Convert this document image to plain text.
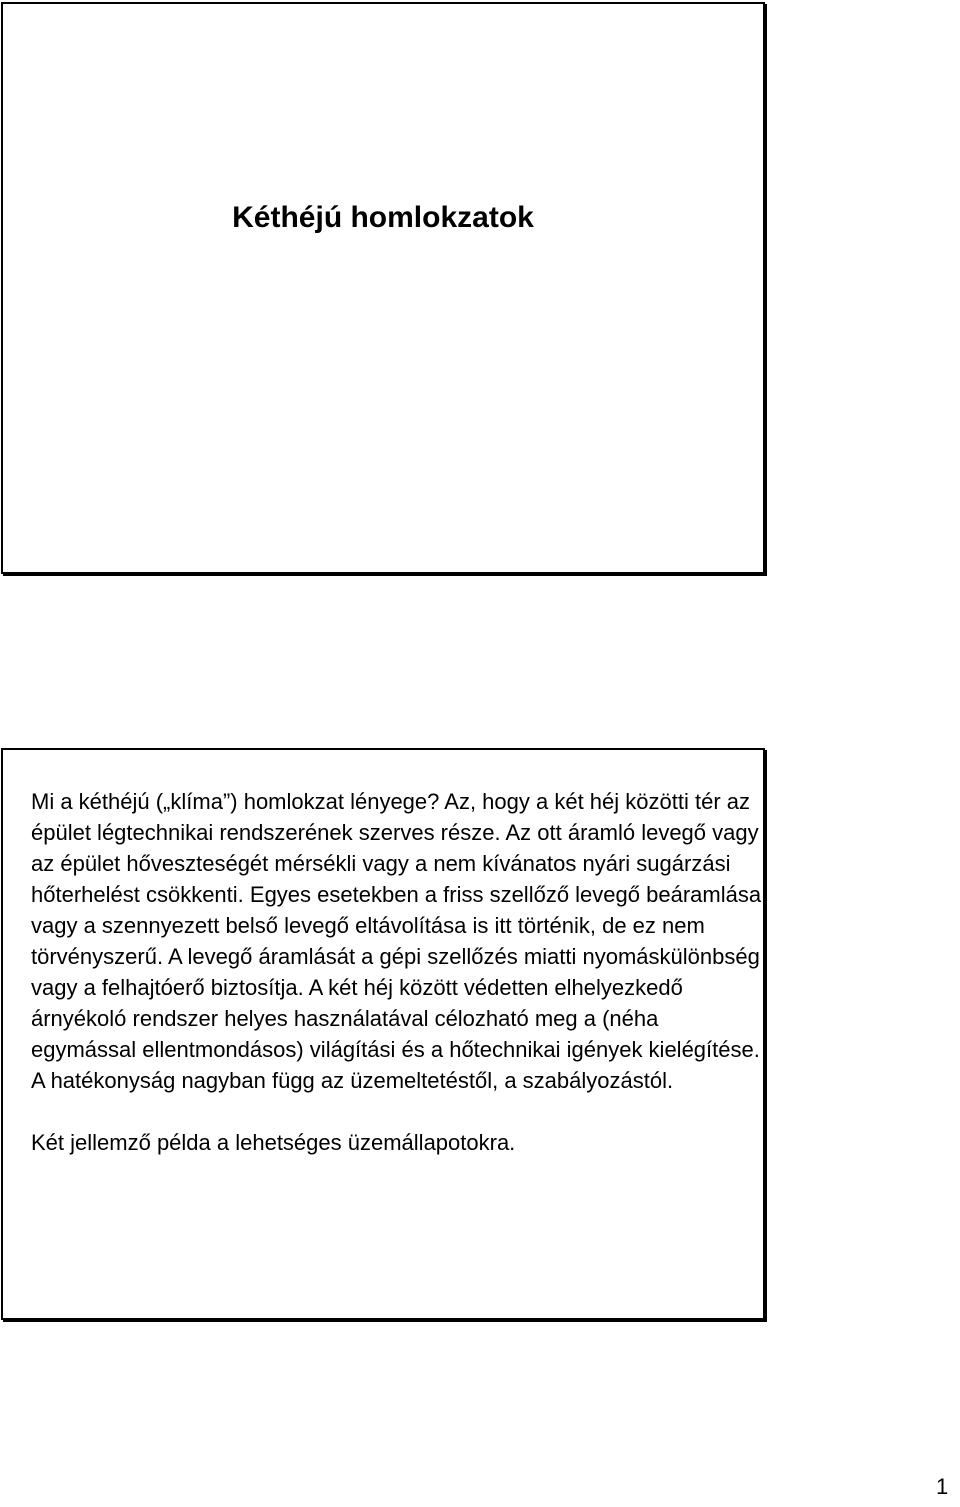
Kéthéjú homlokzatok

Mi a kéthéjú („klíma”) homlokzat lényege? Az, hogy a két héj közötti tér az épület légtechnikai rendszerének szerves része. Az ott áramló levegő vagy az épület hőveszteségét mérsékli vagy a nem kívánatos nyári sugárzási hőterhelést csökkenti. Egyes esetekben a friss szellőző levegő beáramlása vagy a szennyezett belső levegő eltávolítása is itt történik, de ez nem törvényszerű. A levegő áramlását a gépi szellőzés miatti nyomáskülönbség vagy a felhajtóerő biztosítja. A két héj között védetten elhelyezkedő árnyékoló rendszer helyes használatával célozható meg a (néha egymással ellentmondásos) világítási és a hőtechnikai igények kielégítése. A hatékonyság nagyban függ az üzemeltetéstől, a szabályozástól.

Két jellemző példa a lehetséges üzemállapotokra.

1
